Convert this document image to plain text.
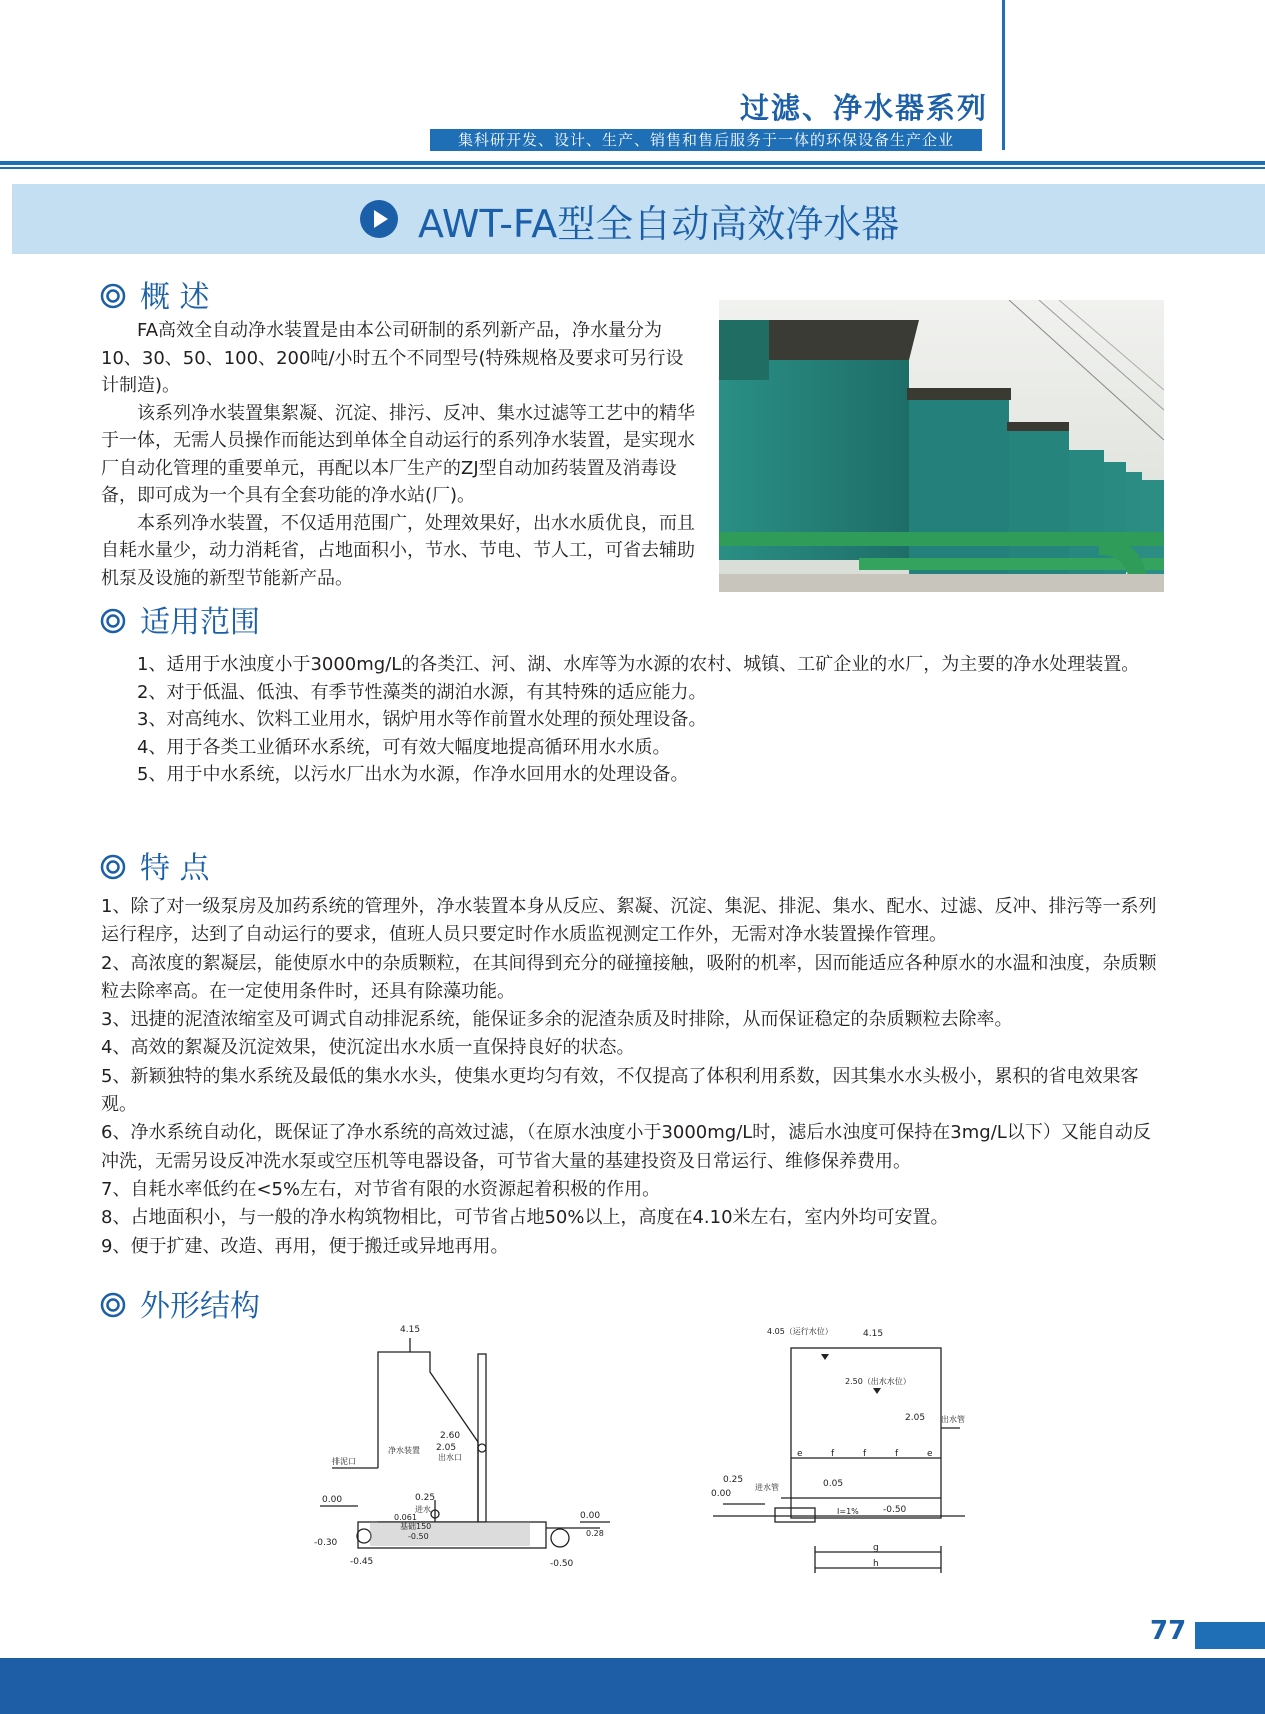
过滤、净水器系列
集科研开发、设计、生产、销售和售后服务于一体的环保设备生产企业
AWT-FA型全自动高效净水器
概 述

FA高效全自动净水装置是由本公司研制的系列新产品，净水量分为10、30、50、100、200吨/小时五个不同型号(特殊规格及要求可另行设计制造)。

该系列净水装置集絮凝、沉淀、排污、反冲、集水过滤等工艺中的精华于一体，无需人员操作而能达到单体全自动运行的系列净水装置，是实现水厂自动化管理的重要单元，再配以本厂生产的ZJ型自动加药装置及消毒设备，即可成为一个具有全套功能的净水站(厂)。

本系列净水装置，不仅适用范围广，处理效果好，出水水质优良，而且自耗水量少，动力消耗省，占地面积小，节水、节电、节人工，可省去辅助机泵及设施的新型节能新产品。

适用范围

1、适用于水浊度小于3000mg/L的各类江、河、湖、水库等为水源的农村、城镇、工矿企业的水厂，为主要的净水处理装置。

2、对于低温、低浊、有季节性藻类的湖泊水源，有其特殊的适应能力。

3、对高纯水、饮料工业用水，锅炉用水等作前置水处理的预处理设备。

4、用于各类工业循环水系统，可有效大幅度地提高循环用水水质。

5、用于中水系统，以污水厂出水为水源，作净水回用水的处理设备。

特 点

1、除了对一级泵房及加药系统的管理外，净水装置本身从反应、絮凝、沉淀、集泥、排泥、集水、配水、过滤、反冲、排污等一系列运行程序，达到了自动运行的要求，值班人员只要定时作水质监视测定工作外，无需对净水装置操作管理。

2、高浓度的絮凝层，能使原水中的杂质颗粒，在其间得到充分的碰撞接触，吸附的机率，因而能适应各种原水的水温和浊度，杂质颗粒去除率高。在一定使用条件时，还具有除藻功能。

3、迅捷的泥渣浓缩室及可调式自动排泥系统，能保证多余的泥渣杂质及时排除，从而保证稳定的杂质颗粒去除率。

4、高效的絮凝及沉淀效果，使沉淀出水水质一直保持良好的状态。

5、新颖独特的集水系统及最低的集水水头，使集水更均匀有效，不仅提高了体积利用系数，因其集水水头极小，累积的省电效果客观。

6、净水系统自动化，既保证了净水系统的高效过滤，（在原水浊度小于3000mg/L时，滤后水浊度可保持在3mg/L以下）又能自动反冲洗，无需另设反冲洗水泵或空压机等电器设备，可节省大量的基建投资及日常运行、维修保养费用。

7、自耗水率低约在<5%左右，对节省有限的水资源起着积极的作用。

8、占地面积小，与一般的净水构筑物相比，可节省占地50%以上，高度在4.10米左右，室内外均可安置。

9、便于扩建、改造、再用，便于搬迁或异地再用。

外形结构
4.15
2.60
净水装置 2.05
出水口
排泥口
0.25
进水
0.00
0.00
基础150
-0.50
-0.30
-0.45	-0.50
0.28
0.061
4.05（运行水位）	4.15
2.50（出水水位）
2.05 出水管
e	f	f	f	e
0.25
0.00
进水管	0.05
I=1%	-0.50
g
h
77
